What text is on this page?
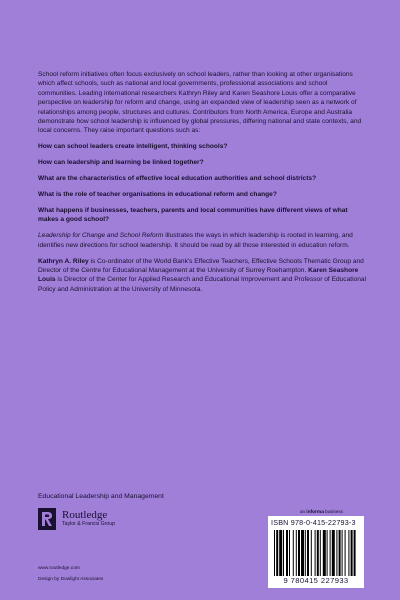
School reform initiatives often focus exclusively on school leaders, rather than looking at other organisations which affect schools, such as national and local governments, professional associations and school communities. Leading international researchers Kathryn Riley and Karen Seashore Louis offer a comparative perspective on leadership for reform and change, using an expanded view of leadership seen as a network of relationships among people, structures and cultures. Contributors from North America, Europe and Australia demonstrate how school leadership is influenced by global pressures, differing national and state contexts, and local concerns. They raise important questions such as:

How can school leaders create intelligent, thinking schools?

How can leadership and learning be linked together?

What are the characteristics of effective local education authorities and school districts?

What is the role of teacher organisations in educational reform and change?

What happens if businesses, teachers, parents and local communities have different views of what makes a good school?

Leadership for Change and School Reform illustrates the ways in which leadership is rooted in learning, and identifies new directions for school leadership. It should be read by all those interested in education reform.

Kathryn A. Riley is Co-ordinator of the World Bank's Effective Teachers, Effective Schools Thematic Group and Director of the Centre for Educational Management at the University of Surrey Roehampton. Karen Seashore Louis is Director of the Center for Applied Research and Educational Improvement and Professor of Educational Policy and Administration at the University of Minnesota.

Educational Leadership and Management
Routledge
Taylor & Francis Group
www.routledge.com
Design by Dowlight Associates
an informa business
ISBN 978-0-415-22793-3
9 780415 227933
